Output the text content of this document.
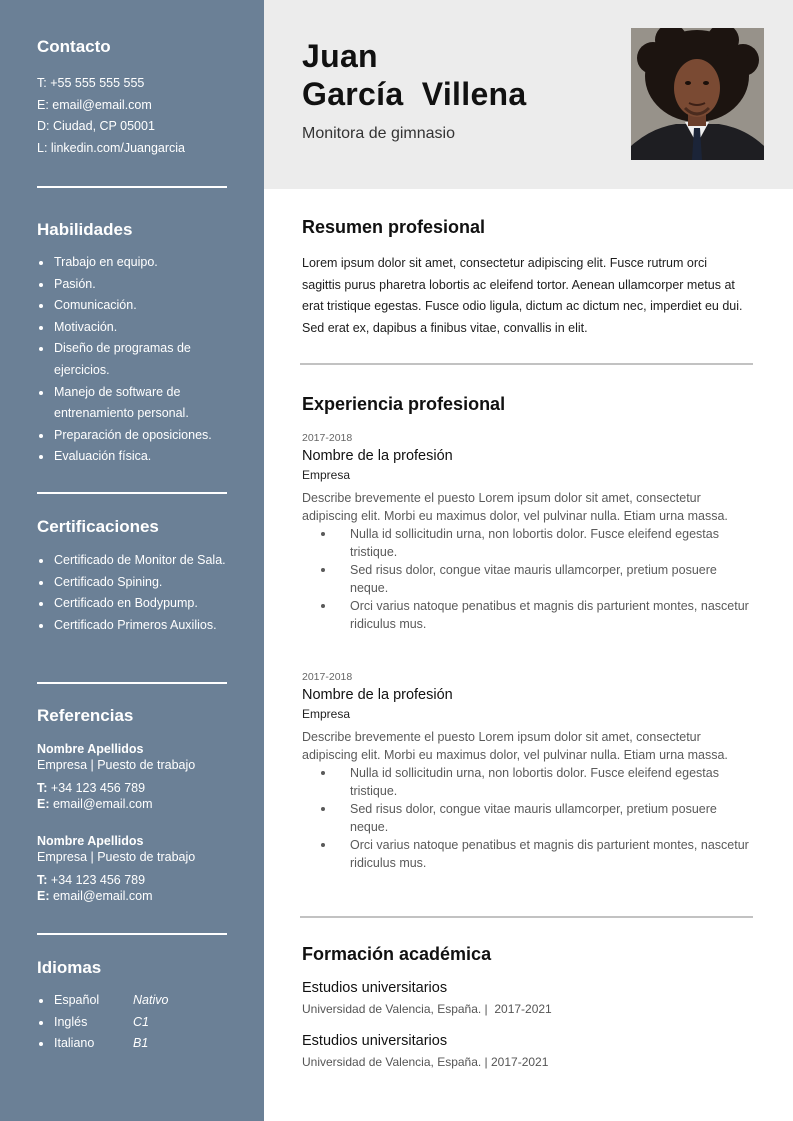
Contacto
T: +55 555 555 555
E: email@email.com
D: Ciudad, CP 05001
L: linkedin.com/Juangarcia
Habilidades
Trabajo en equipo.
Pasión.
Comunicación.
Motivación.
Diseño de programas de ejercicios.
Manejo de software de entrenamiento personal.
Preparación de oposiciones.
Evaluación física.
Certificaciones
Certificado de Monitor de Sala.
Certificado Spining.
Certificado en Bodypump.
Certificado Primeros Auxilios.
Referencias
Nombre Apellidos
Empresa | Puesto de trabajo
T: +34 123 456 789
E: email@email.com
Nombre Apellidos
Empresa | Puesto de trabajo
T: +34 123 456 789
E: email@email.com
Idiomas
Español	Nativo
Inglés	C1
Italiano	B1
Juan
García  Villena
Monitora de gimnasio
Resumen profesional

Lorem ipsum dolor sit amet, consectetur adipiscing elit. Fusce rutrum orci sagittis purus pharetra lobortis ac eleifend tortor. Aenean ullamcorper metus at erat tristique egestas. Fusce odio ligula, dictum ac dictum nec, imperdiet eu dui. Sed erat ex, dapibus a finibus vitae, convallis in elit.

Experiencia profesional
2017-2018
Nombre de la profesión
Empresa
Describe brevemente el puesto Lorem ipsum dolor sit amet, consectetur adipiscing elit. Morbi eu maximus dolor, vel pulvinar nulla. Etiam urna massa.
Nulla id sollicitudin urna, non lobortis dolor. Fusce eleifend egestas tristique.
Sed risus dolor, congue vitae mauris ullamcorper, pretium posuere neque.
Orci varius natoque penatibus et magnis dis parturient montes, nascetur ridiculus mus.
2017-2018
Nombre de la profesión
Empresa
Describe brevemente el puesto Lorem ipsum dolor sit amet, consectetur adipiscing elit. Morbi eu maximus dolor, vel pulvinar nulla. Etiam urna massa.
Nulla id sollicitudin urna, non lobortis dolor. Fusce eleifend egestas tristique.
Sed risus dolor, congue vitae mauris ullamcorper, pretium posuere neque.
Orci varius natoque penatibus et magnis dis parturient montes, nascetur ridiculus mus.
Formación académica
Estudios universitarios
Universidad de Valencia, España. |  2017-2021
Estudios universitarios
Universidad de Valencia, España. | 2017-2021
